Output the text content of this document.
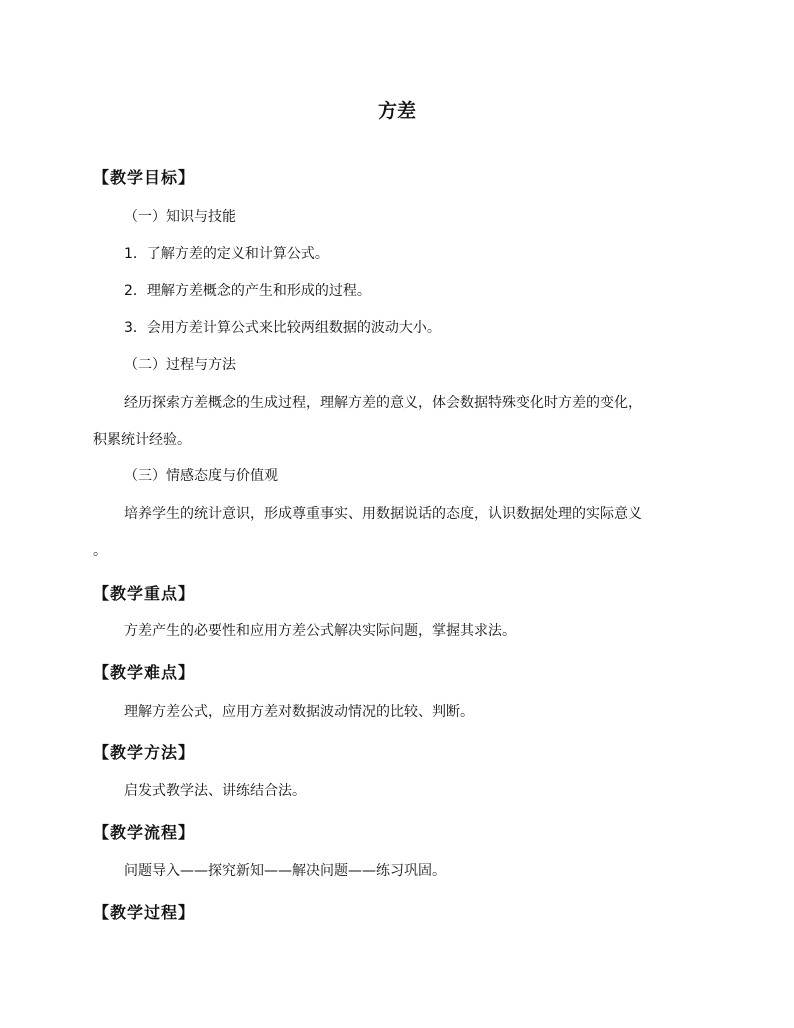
方差
【教学目标】
（一）知识与技能
1．了解方差的定义和计算公式。
2．理解方差概念的产生和形成的过程。
3．会用方差计算公式来比较两组数据的波动大小。
（二）过程与方法
经历探索方差概念的生成过程，理解方差的意义，体会数据特殊变化时方差的变化，
积累统计经验。
（三）情感态度与价值观
培养学生的统计意识，形成尊重事实、用数据说话的态度，认识数据处理的实际意义
。
【教学重点】
方差产生的必要性和应用方差公式解决实际问题，掌握其求法。
【教学难点】
理解方差公式，应用方差对数据波动情况的比较、判断。
【教学方法】
启发式教学法、讲练结合法。
【教学流程】
问题导入——探究新知——解决问题——练习巩固。
【教学过程】
